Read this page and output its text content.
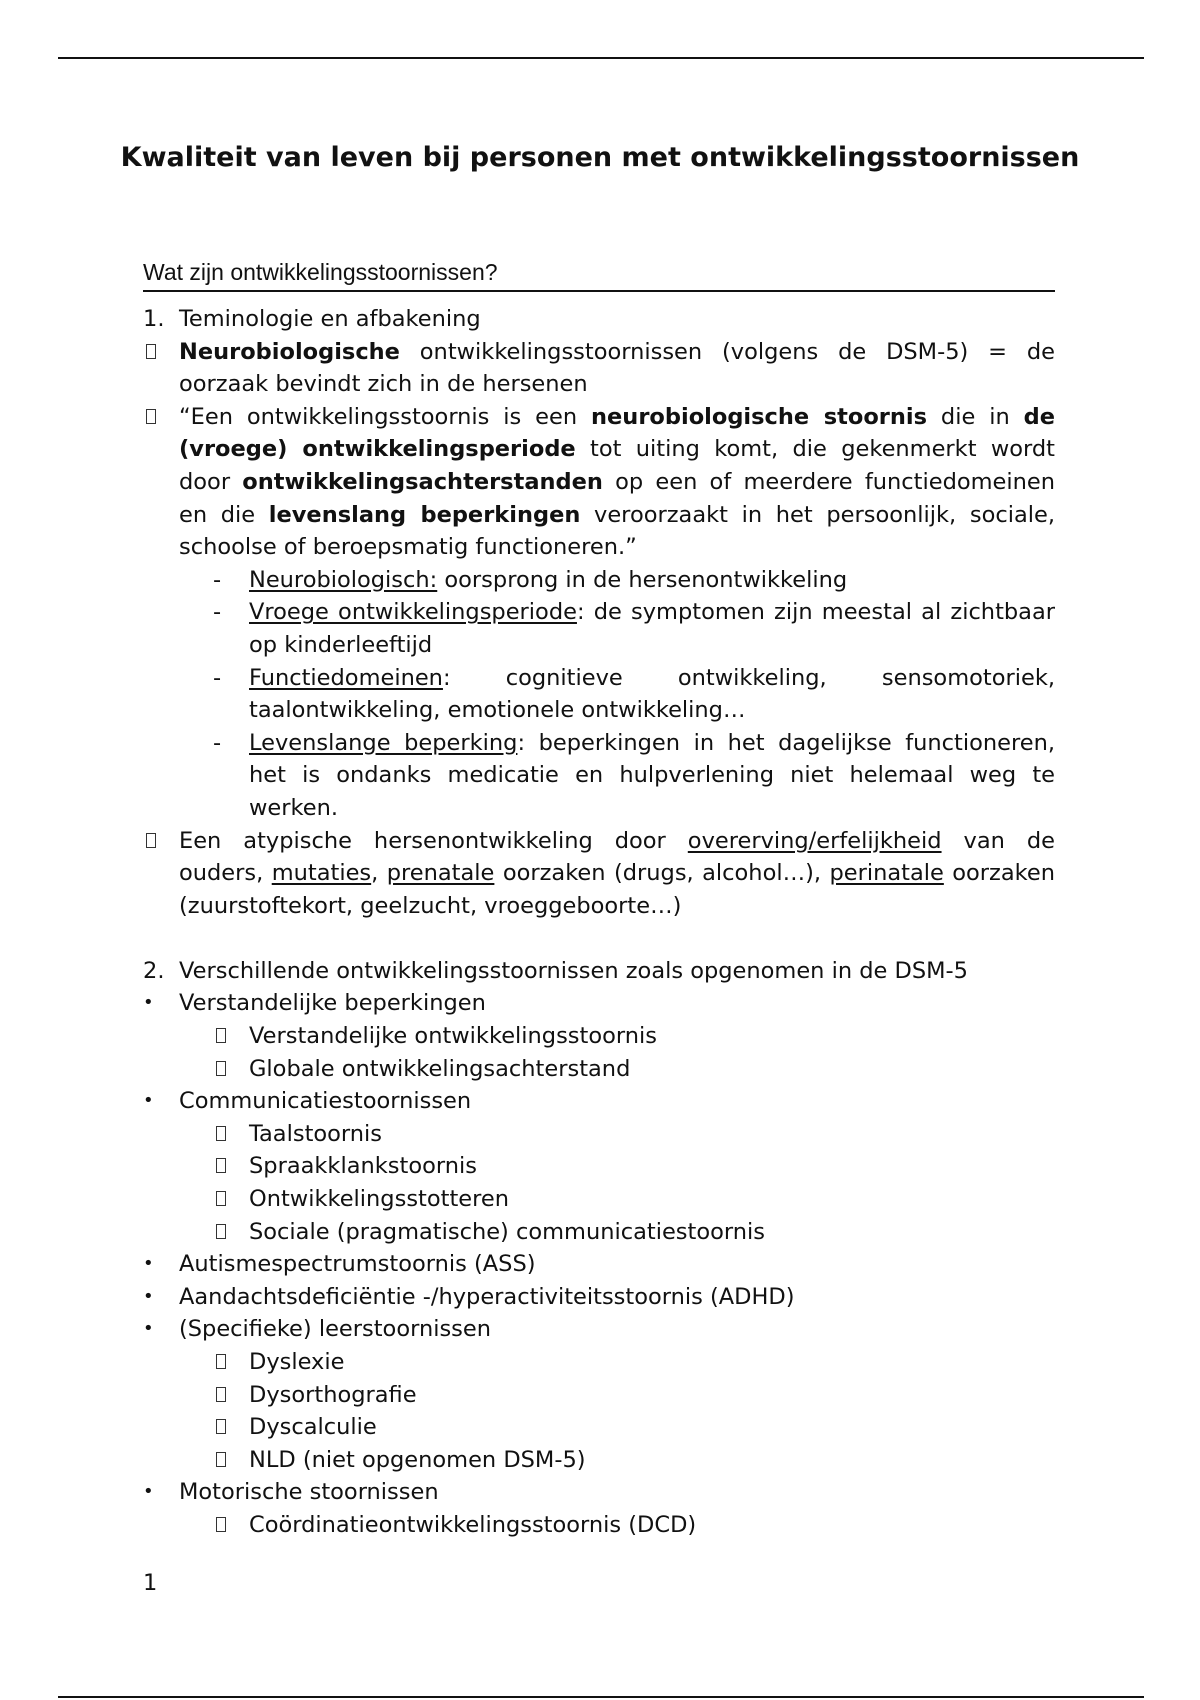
Kwaliteit van leven bij personen met ontwikkelingsstoornissen
Wat zijn ontwikkelingsstoornissen?
1. Teminologie en afbakening
Neurobiologische ontwikkelingsstoornissen (volgens de DSM-5) = de oorzaak bevindt zich in de hersenen
“Een ontwikkelingsstoornis is een neurobiologische stoornis die in de (vroege) ontwikkelingsperiode tot uiting komt, die gekenmerkt wordt door ontwikkelingsachterstanden op een of meerdere functiedomeinen en die levenslang beperkingen veroorzaakt in het persoonlijk, sociale, schoolse of beroepsmatig functioneren.”
-	Neurobiologisch: oorsprong in de hersenontwikkeling
-	Vroege ontwikkelingsperiode: de symptomen zijn meestal al zichtbaar op kinderleeftijd
-	Functiedomeinen: cognitieve ontwikkeling, sensomotoriek, taalontwikkeling, emotionele ontwikkeling…
-	Levenslange beperking: beperkingen in het dagelijkse functioneren, het is ondanks medicatie en hulpverlening niet helemaal weg te werken.
Een atypische hersenontwikkeling door overerving/erfelijkheid van de ouders, mutaties, prenatale oorzaken (drugs, alcohol…), perinatale oorzaken (zuurstoftekort, geelzucht, vroeggeboorte…)
2. Verschillende ontwikkelingsstoornissen zoals opgenomen in de DSM-5
•	Verstandelijke beperkingen
Verstandelijke ontwikkelingsstoornis
Globale ontwikkelingsachterstand
•	Communicatiestoornissen
Taalstoornis
Spraakklankstoornis
Ontwikkelingsstotteren
Sociale (pragmatische) communicatiestoornis
•	Autismespectrumstoornis (ASS)
•	Aandachtsdeficiëntie -/hyperactiviteitsstoornis (ADHD)
•	(Specifieke) leerstoornissen
Dyslexie
Dysorthografie
Dyscalculie
NLD (niet opgenomen DSM-5)
•	Motorische stoornissen
Coördinatieontwikkelingsstoornis (DCD)
1
